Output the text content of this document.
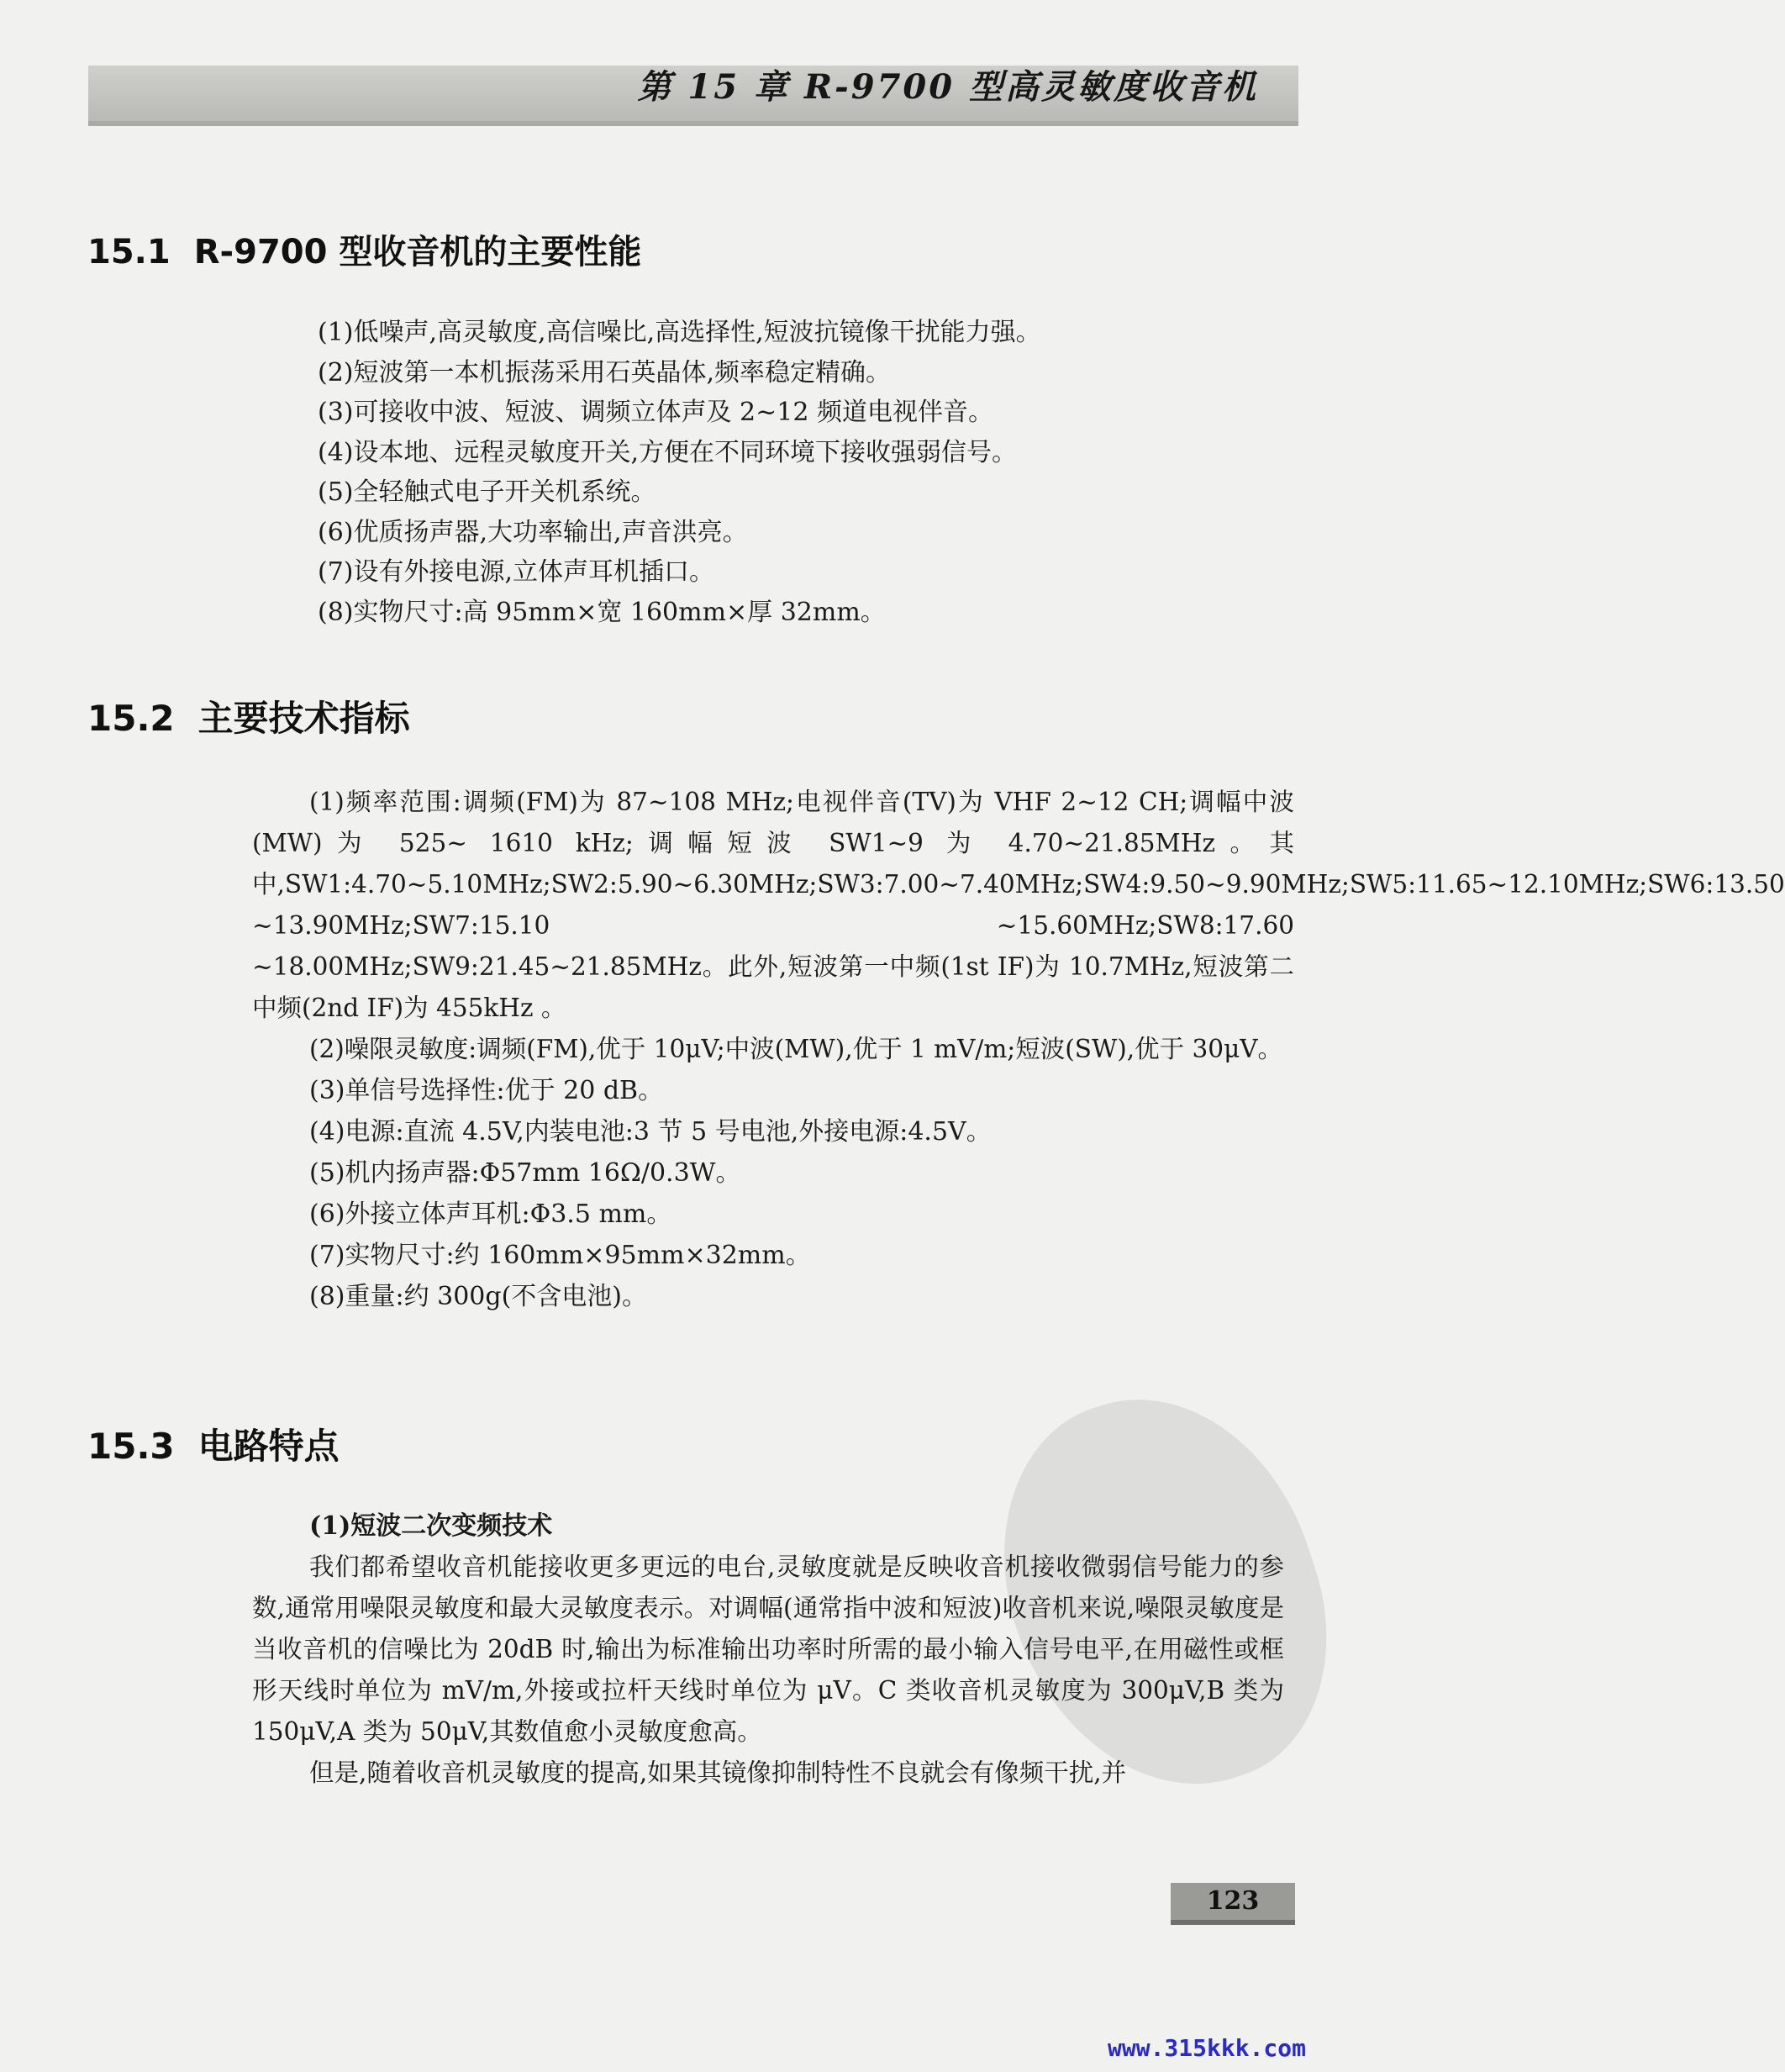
第 15 章 R-9700 型高灵敏度收音机
15.1 R-9700 型收音机的主要性能
(1)低噪声,高灵敏度,高信噪比,高选择性,短波抗镜像干扰能力强。
(2)短波第一本机振荡采用石英晶体,频率稳定精确。
(3)可接收中波、短波、调频立体声及 2~12 频道电视伴音。
(4)设本地、远程灵敏度开关,方便在不同环境下接收强弱信号。
(5)全轻触式电子开关机系统。
(6)优质扬声器,大功率输出,声音洪亮。
(7)设有外接电源,立体声耳机插口。
(8)实物尺寸:高 95mm×宽 160mm×厚 32mm。
15.2 主要技术指标
(1)频率范围:调频(FM)为 87~108 MHz;电视伴音(TV)为 VHF 2~12 CH;调幅中波(MW)为 525~ 1610 kHz;调幅短波 SW1~9 为 4.70~21.85MHz。其中,SW1:4.70~5.10MHz;SW2:5.90~6.30MHz;SW3:7.00~7.40MHz;SW4:9.50~9.90MHz;SW5:11.65~12.10MHz;SW6:13.50 ~13.90MHz;SW7:15.10 ~15.60MHz;SW8:17.60 ~18.00MHz;SW9:21.45~21.85MHz。此外,短波第一中频(1st IF)为 10.7MHz,短波第二中频(2nd IF)为 455kHz 。
(2)噪限灵敏度:调频(FM),优于 10μV;中波(MW),优于 1 mV/m;短波(SW),优于 30μV。
(3)单信号选择性:优于 20 dB。
(4)电源:直流 4.5V,内装电池:3 节 5 号电池,外接电源:4.5V。
(5)机内扬声器:Φ57mm 16Ω/0.3W。
(6)外接立体声耳机:Φ3.5 mm。
(7)实物尺寸:约 160mm×95mm×32mm。
(8)重量:约 300g(不含电池)。
15.3 电路特点
(1)短波二次变频技术
我们都希望收音机能接收更多更远的电台,灵敏度就是反映收音机接收微弱信号能力的参数,通常用噪限灵敏度和最大灵敏度表示。对调幅(通常指中波和短波)收音机来说,噪限灵敏度是当收音机的信噪比为 20dB 时,输出为标准输出功率时所需的最小输入信号电平,在用磁性或框形天线时单位为 mV/m,外接或拉杆天线时单位为 μV。C 类收音机灵敏度为 300μV,B 类为 150μV,A 类为 50μV,其数值愈小灵敏度愈高。
但是,随着收音机灵敏度的提高,如果其镜像抑制特性不良就会有像频干扰,并
123
www.315kkk.com
